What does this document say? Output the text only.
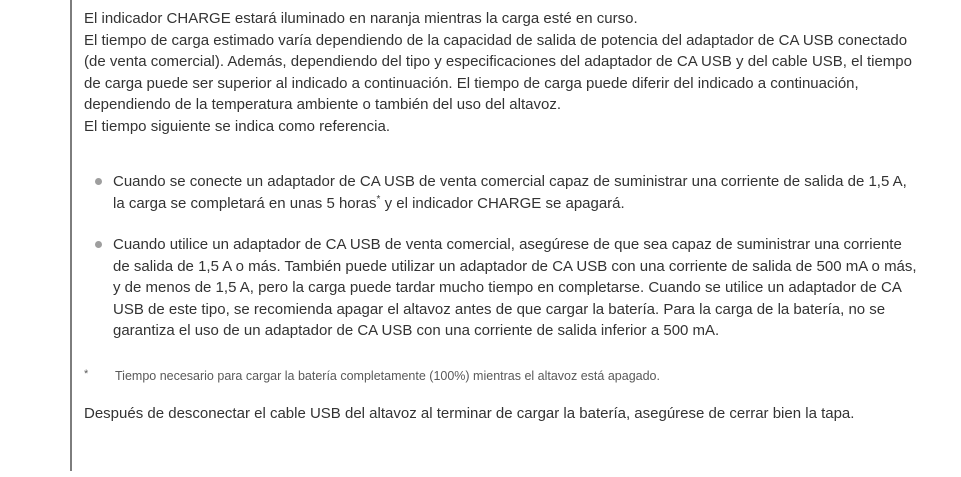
El indicador CHARGE estará iluminado en naranja mientras la carga esté en curso.

El tiempo de carga estimado varía dependiendo de la capacidad de salida de potencia del adaptador de CA USB conectado (de venta comercial). Además, dependiendo del tipo y especificaciones del adaptador de CA USB y del cable USB, el tiempo de carga puede ser superior al indicado a continuación. El tiempo de carga puede diferir del indicado a continuación, dependiendo de la temperatura ambiente o también del uso del altavoz.

El tiempo siguiente se indica como referencia.

Cuando se conecte un adaptador de CA USB de venta comercial capaz de suministrar una corriente de salida de 1,5 A, la carga se completará en unas 5 horas* y el indicador CHARGE se apagará.

Cuando utilice un adaptador de CA USB de venta comercial, asegúrese de que sea capaz de suministrar una corriente de salida de 1,5 A o más. También puede utilizar un adaptador de CA USB con una corriente de salida de 500 mA o más, y de menos de 1,5 A, pero la carga puede tardar mucho tiempo en completarse. Cuando se utilice un adaptador de CA USB de este tipo, se recomienda apagar el altavoz antes de que cargar la batería. Para la carga de la batería, no se garantiza el uso de un adaptador de CA USB con una corriente de salida inferior a 500 mA.

* Tiempo necesario para cargar la batería completamente (100%) mientras el altavoz está apagado.

Después de desconectar el cable USB del altavoz al terminar de cargar la batería, asegúrese de cerrar bien la tapa.
